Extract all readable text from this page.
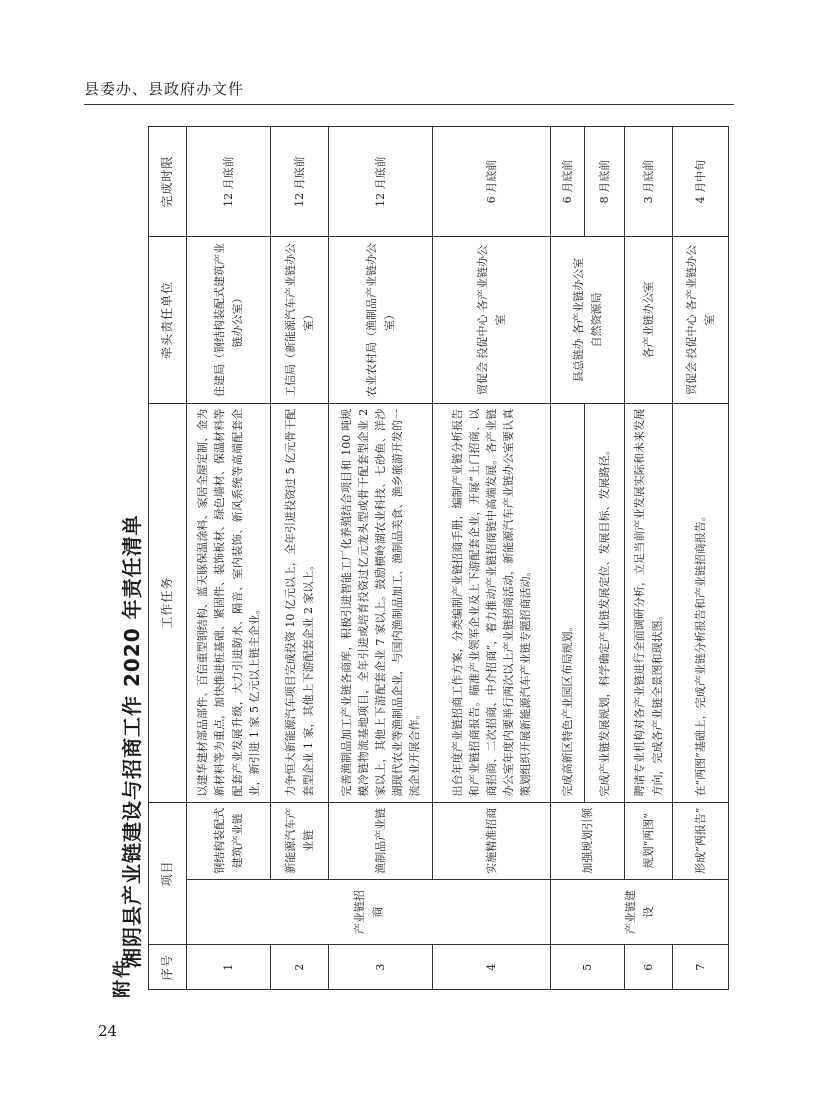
县委办、县政府办文件
附件
湘阴县产业链建设与招商工作 2020 年责任清单
24
序号	项目		工作任务	牵头责任单位	完成时限
1	产业链招商	钢结构装配式建筑产业链	以建华建材部品部件、百信重型钢结构、蓝天豚保温涂料、家居全屋定制、金为新材料等为重点，加快推进桩基础、紧固件、装饰板材、绿色墙材、保温材料等配套产业发展升级，大力引进防水、隔音、室内装饰、新风系统等高端配套企业，新引进 1 家 5 亿元以上链主企业。	住建局（钢结构装配式建筑产业链办公室）	12 月底前
2		新能源汽车产业链	力争恒大新能源汽车项目完成投资 10 亿元以上，全年引进投资过 5 亿元骨干配套型企业 1 家，其他上下游配套企业 2 家以上。	工信局（新能源汽车产业链办公室）	12 月底前
3		渔制品产业链	完善渔制品加工产业链各商库，积极引进智能工厂化养殖结合项目和 100 吨规模冷链物流基地项目，全年引进或培育投资过亿元龙头型或骨干配套型企业 2 家以上，其他上下游配套企业 7 家以上。鼓励横岭湖农业科技、七砂鱼、洋沙湖现代农业等渔制品企业，与国内渔制品加工、渔制品美食、渔乡旅游开发的一流企业开展合作。	农业农村局（渔制品产业链办公室）	12 月底前
4		实施精准招商	出台年度产业链招商工作方案，分类编制产业链招商手册，编制产业链分析报告和产业链招商报告。瞄准产业领军企业及上下游配套企业，开展“上门招商、以商招商、二次招商、中介招商”，着力推动产业链招商链中高端发展。各产业链办公室年度内要举行两次以上产业链招商活动，新能源汽车产业链办公室要认真策划组织开展新能源汽车产业链专题招商活动。	贸促会 投促中心 各产业链办公室	6 月底前
5	产业链建设	加强规划引领	完成高新区特色产业园区布局规划。	县总链办 各产业链办公室 自然资源局	6 月底前
			完成产业链发展规划，科学确定产业链发展定位、发展目标、发展路径。		8 月底前
6		规划“两图”	聘请专业机构对各产业链进行全面调研分析，立足当前产业发展实际和未来发展方向，完成各产业链全景图和现状图。	各产业链办公室	3 月底前
7		形成“两报告”	在“两图”基础上，完成产业链分析报告和产业链招商报告。	贸促会 投促中心 各产业链办公室	4 月中旬
